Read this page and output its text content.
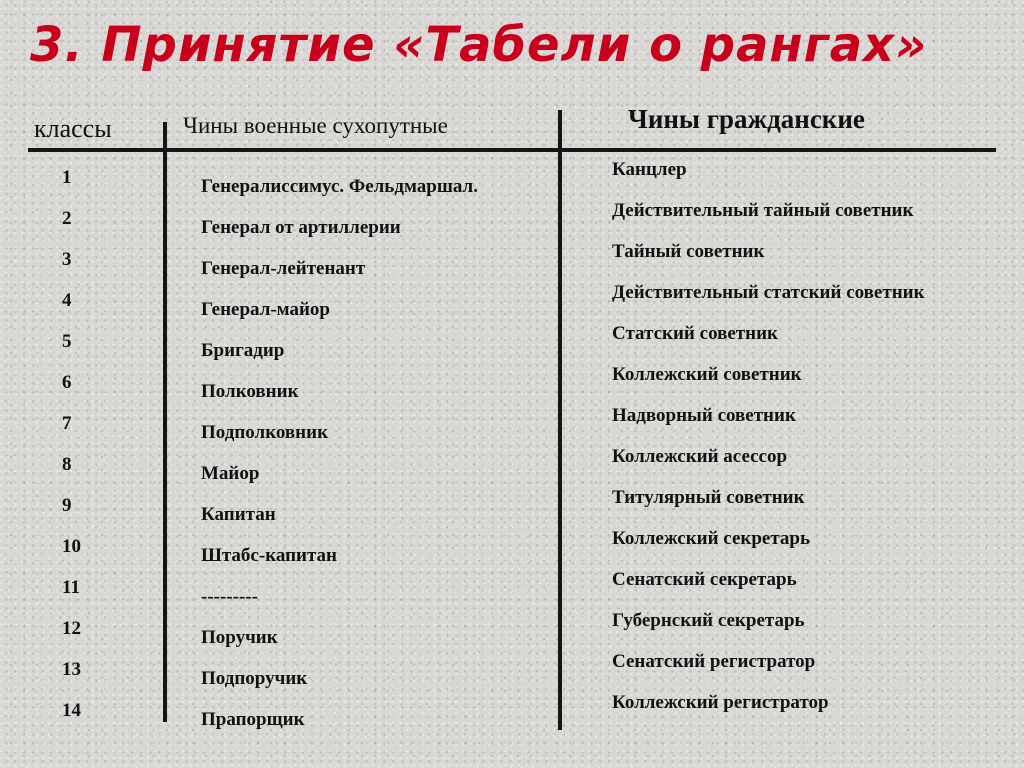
3. Принятие «Табели о рангах»
классы	Чины военные сухопутные	Чины гражданские
1
2
3
4
5
6
7
8
9
10
11
12
13
14
Генералиссимус. Фельдмаршал.
Генерал от артиллерии
Генерал-лейтенант
Генерал-майор
Бригадир
Полковник
Подполковник
Майор
Капитан
Штабс-капитан
---------
Поручик
Подпоручик
Прапорщик
Канцлер
Действительный тайный советник
Тайный советник
Действительный статский советник
Статский советник
Коллежский советник
Надворный советник
Коллежский асессор
Титулярный советник
Коллежский секретарь
Сенатский секретарь
Губернский секретарь
Сенатский регистратор
Коллежский регистратор
